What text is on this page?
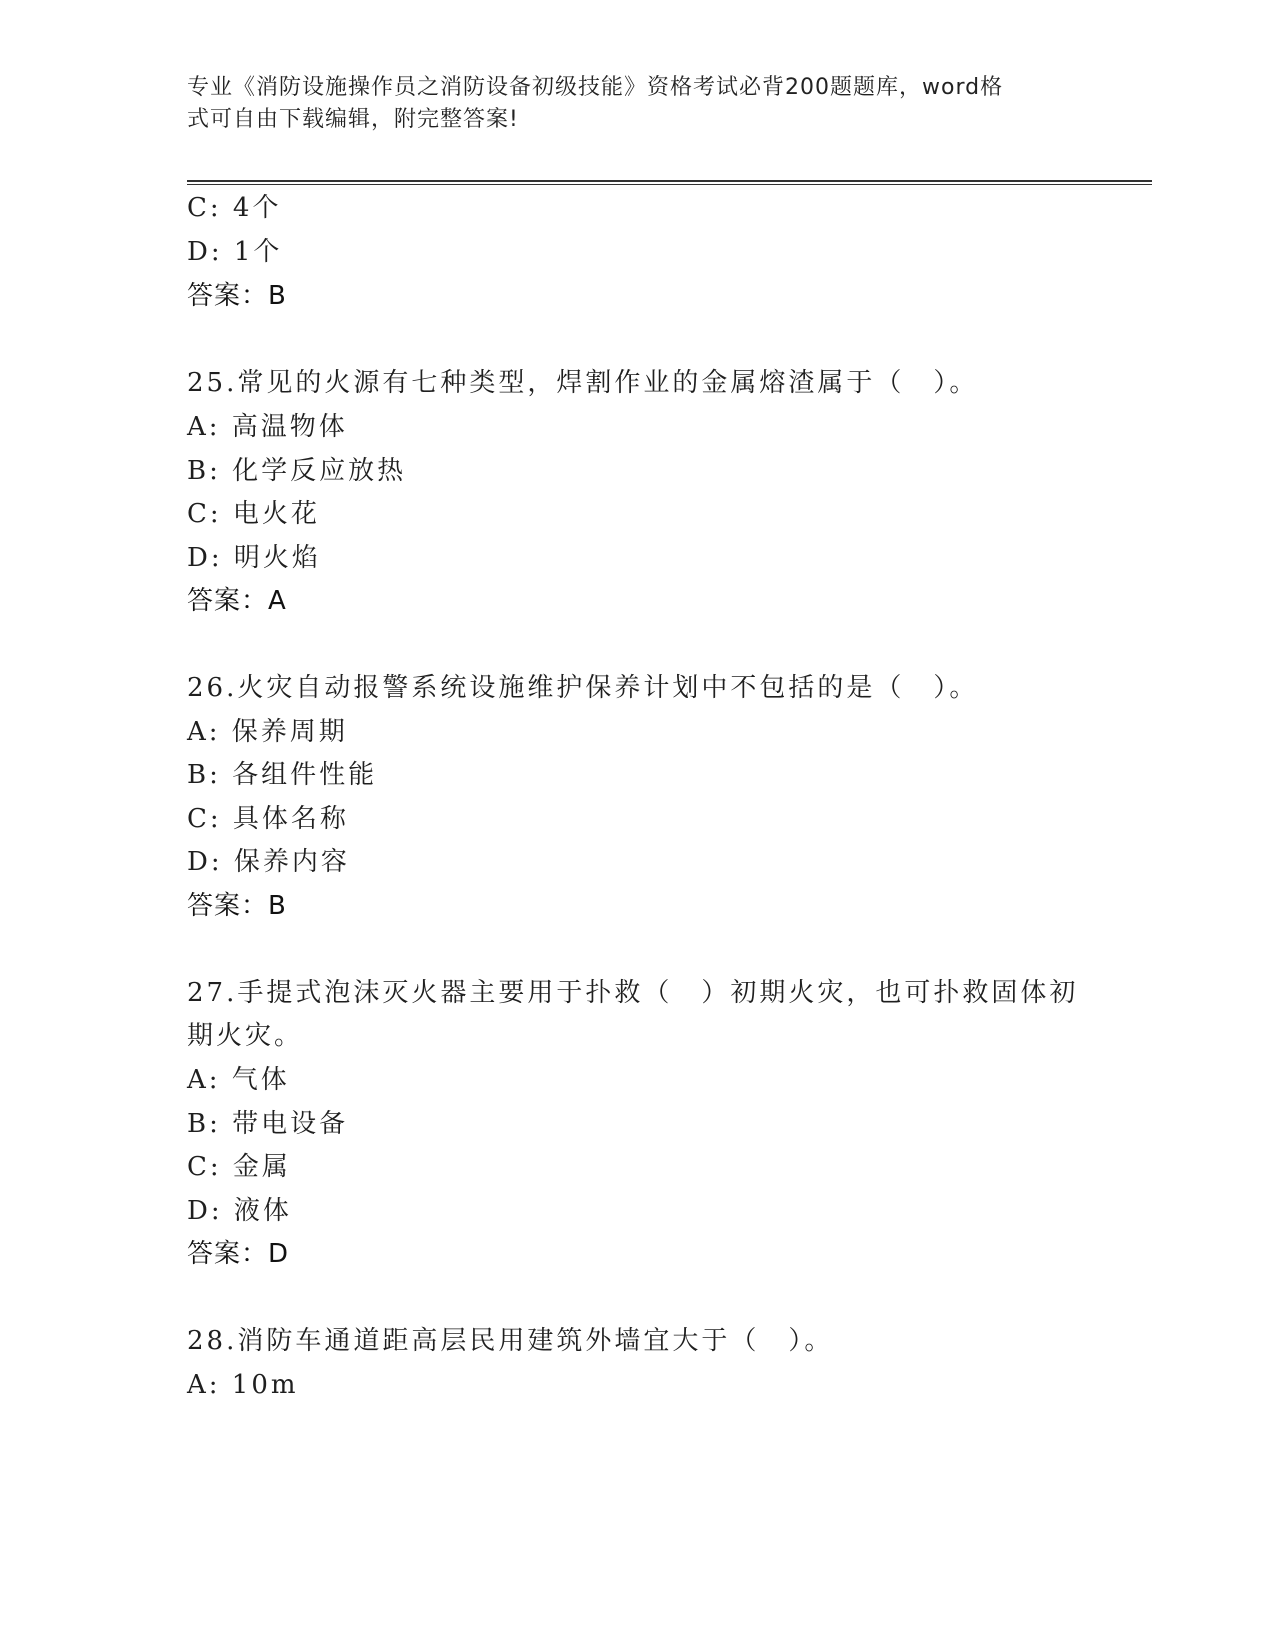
专业《消防设施操作员之消防设备初级技能》资格考试必背200题题库，word格
式可自由下载编辑，附完整答案!
C: 4个
D: 1个
答案：B
25.常见的火源有七种类型，焊割作业的金属熔渣属于（　）。
A: 高温物体
B: 化学反应放热
C: 电火花
D: 明火焰
答案：A
26.火灾自动报警系统设施维护保养计划中不包括的是（　）。
A: 保养周期
B: 各组件性能
C: 具体名称
D: 保养内容
答案：B
27.手提式泡沫灭火器主要用于扑救（　）初期火灾，也可扑救固体初
期火灾。
A: 气体
B: 带电设备
C: 金属
D: 液体
答案：D
28.消防车通道距高层民用建筑外墙宜大于（　）。
A: 10m
